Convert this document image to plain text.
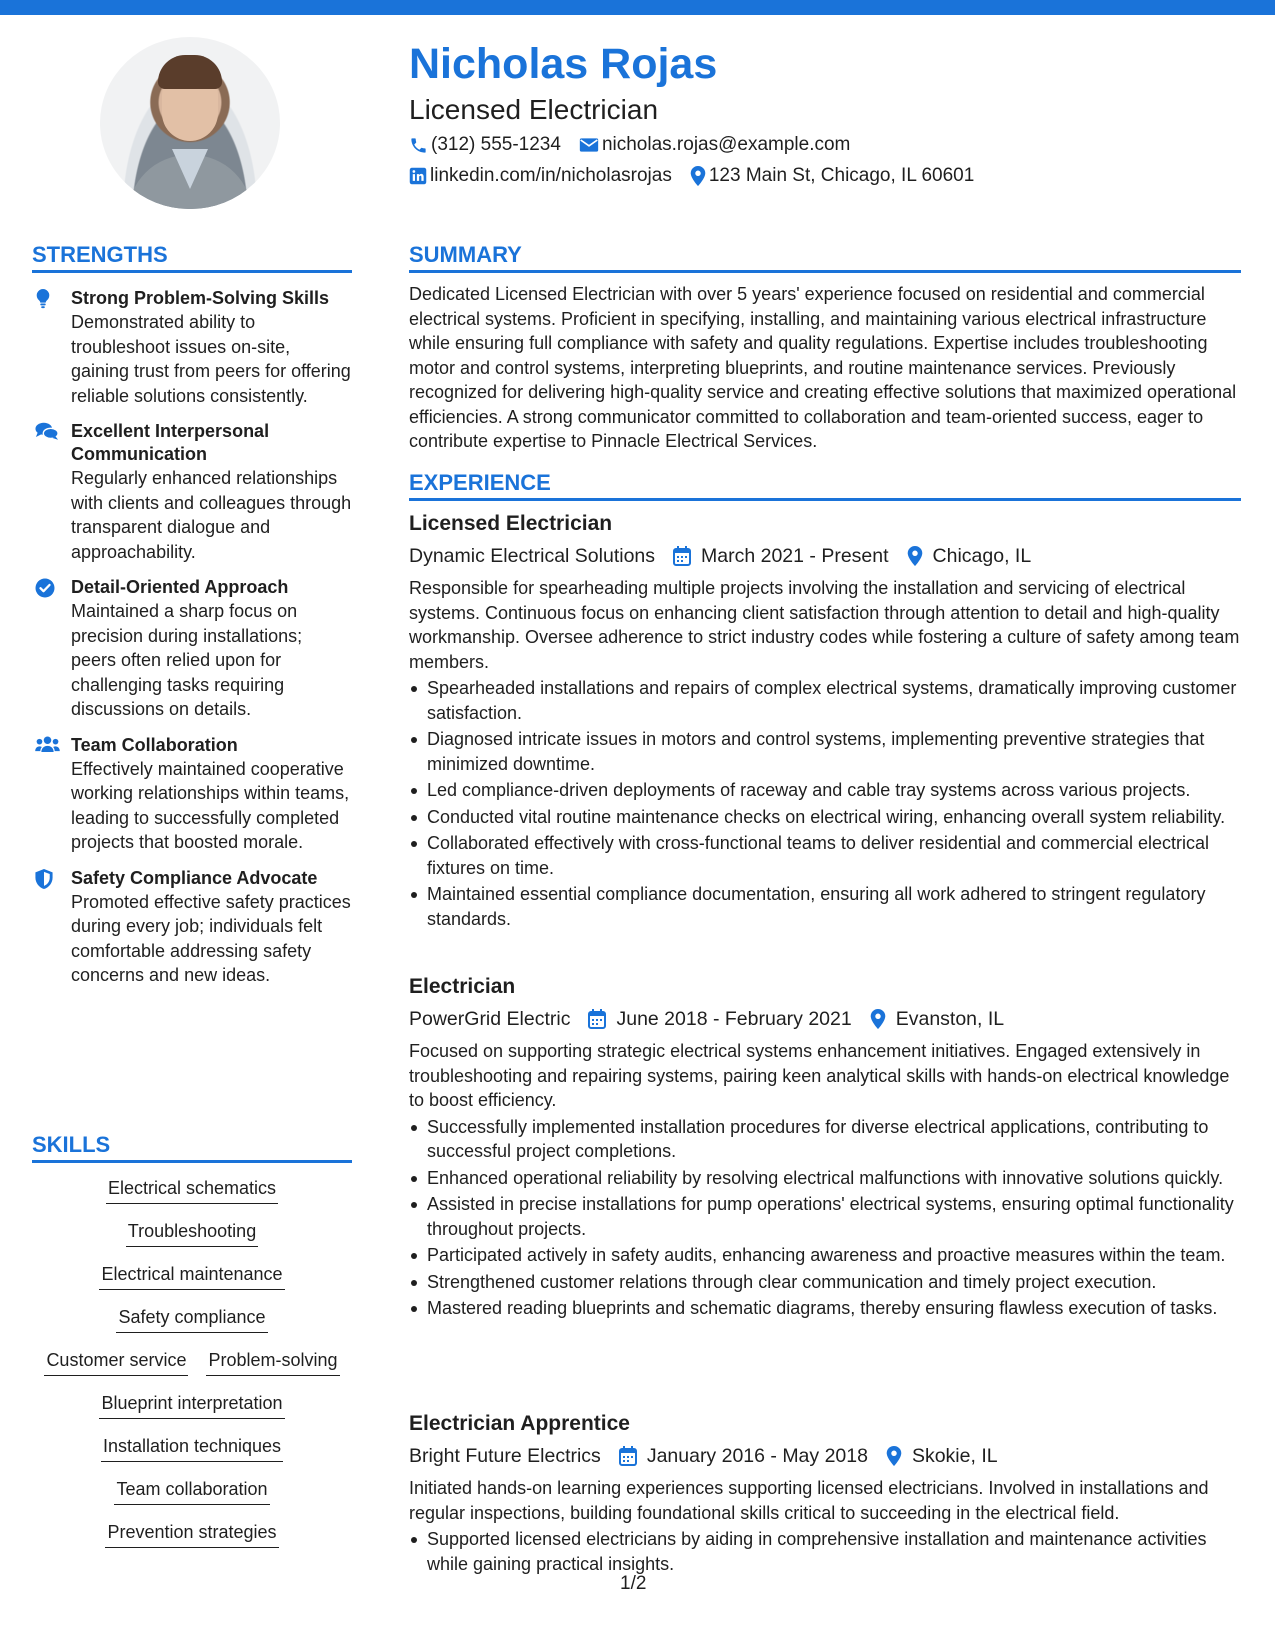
Nicholas Rojas
Licensed Electrician
(312) 555-1234 nicholas.rojas@example.com
linkedin.com/in/nicholasrojas 123 Main St, Chicago, IL 60601
STRENGTHS
Strong Problem-Solving Skills
Demonstrated ability to troubleshoot issues on-site, gaining trust from peers for offering reliable solutions consistently.
Excellent Interpersonal Communication
Regularly enhanced relationships with clients and colleagues through transparent dialogue and approachability.
Detail-Oriented Approach
Maintained a sharp focus on precision during installations; peers often relied upon for challenging tasks requiring discussions on details.
Team Collaboration
Effectively maintained cooperative working relationships within teams, leading to successfully completed projects that boosted morale.
Safety Compliance Advocate
Promoted effective safety practices during every job; individuals felt comfortable addressing safety concerns and new ideas.
SKILLS
Electrical schematics
Troubleshooting
Electrical maintenance
Safety compliance
Customer service Problem-solving
Blueprint interpretation
Installation techniques
Team collaboration
Prevention strategies
SUMMARY
Dedicated Licensed Electrician with over 5 years' experience focused on residential and commercial electrical systems. Proficient in specifying, installing, and maintaining various electrical infrastructure while ensuring full compliance with safety and quality regulations. Expertise includes troubleshooting motor and control systems, interpreting blueprints, and routine maintenance services. Previously recognized for delivering high-quality service and creating effective solutions that maximized operational efficiencies. A strong communicator committed to collaboration and team-oriented success, eager to contribute expertise to Pinnacle Electrical Services.
EXPERIENCE
Licensed Electrician
Dynamic Electrical Solutions March 2021 - Present Chicago, IL
Responsible for spearheading multiple projects involving the installation and servicing of electrical systems. Continuous focus on enhancing client satisfaction through attention to detail and high-quality workmanship. Oversee adherence to strict industry codes while fostering a culture of safety among team members.
Spearheaded installations and repairs of complex electrical systems, dramatically improving customer satisfaction.
Diagnosed intricate issues in motors and control systems, implementing preventive strategies that minimized downtime.
Led compliance-driven deployments of raceway and cable tray systems across various projects.
Conducted vital routine maintenance checks on electrical wiring, enhancing overall system reliability.
Collaborated effectively with cross-functional teams to deliver residential and commercial electrical fixtures on time.
Maintained essential compliance documentation, ensuring all work adhered to stringent regulatory standards.
Electrician
PowerGrid Electric June 2018 - February 2021 Evanston, IL
Focused on supporting strategic electrical systems enhancement initiatives. Engaged extensively in troubleshooting and repairing systems, pairing keen analytical skills with hands-on electrical knowledge to boost efficiency.
Successfully implemented installation procedures for diverse electrical applications, contributing to successful project completions.
Enhanced operational reliability by resolving electrical malfunctions with innovative solutions quickly.
Assisted in precise installations for pump operations' electrical systems, ensuring optimal functionality throughout projects.
Participated actively in safety audits, enhancing awareness and proactive measures within the team.
Strengthened customer relations through clear communication and timely project execution.
Mastered reading blueprints and schematic diagrams, thereby ensuring flawless execution of tasks.
Electrician Apprentice
Bright Future Electrics January 2016 - May 2018 Skokie, IL
Initiated hands-on learning experiences supporting licensed electricians. Involved in installations and regular inspections, building foundational skills critical to succeeding in the electrical field.
Supported licensed electricians by aiding in comprehensive installation and maintenance activities while gaining practical insights.
1/2
